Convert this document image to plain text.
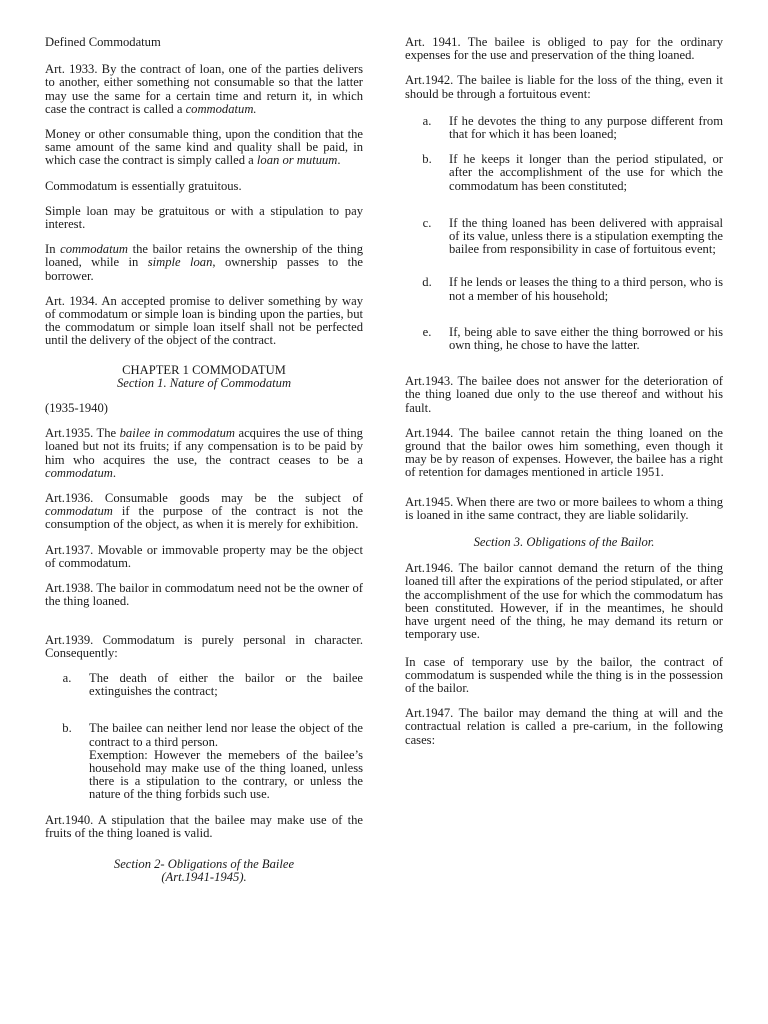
Defined Commodatum

Art. 1933. By the contract of loan, one of the parties delivers to another, either something not consumable so that the latter may use the same for a certain time and return it, in which case the contract is called a commodatum.

Money or other consumable thing, upon the condition that the same amount of the same kind and quality shall be paid, in which case the contract is simply called a loan or mutuum.

Commodatum is essentially gratuitous.

Simple loan may be gratuitous or with a stipulation to pay interest.

In commodatum the bailor retains the ownership of the thing loaned, while in simple loan, ownership passes to the borrower.

Art. 1934. An accepted promise to deliver something by way of commodatum or simple loan is binding upon the parties, but the commodatum or simple loan itself shall not be perfected until the delivery of the object of the contract.

CHAPTER 1 COMMODATUM
Section 1. Nature of Commodatum

(1935-1940)

Art.1935. The bailee in commodatum acquires the use of thing loaned but not its fruits; if any compensation is to be paid by him who acquires the use, the contract ceases to be a commodatum.

Art.1936. Consumable goods may be the subject of commodatum if the purpose of the contract is not the consumption of the object, as when it is merely for exhibition.

Art.1937. Movable or immovable property may be the object of commodatum.

Art.1938. The bailor in commodatum need not be the owner of the thing loaned.

Art.1939. Commodatum is purely personal in character. Consequently:

a.	The death of either the bailor or the bailee extinguishes the contract;
b.	The bailee can neither lend nor lease the object of the contract to a third person.
Exemption: However the memebers of the bailee’s household may make use of the thing loaned, unless there is a stipulation to the contrary, or unless the nature of the thing forbids such use.

Art.1940. A stipulation that the bailee may make use of the fruits of the thing loaned is valid.

Section 2- Obligations of the Bailee
(Art.1941-1945).

Art. 1941. The bailee is obliged to pay for the ordinary expenses for the use and preservation of the thing loaned.

Art.1942. The bailee is liable for the loss of the thing, even it should be through a fortuitous event:

a.	If he devotes the thing to any purpose different from that for which it has been loaned;
b.	If he keeps it longer than the period stipulated, or after the accomplishment of the use for which the commodatum has been constituted;
c.	If the thing loaned has been delivered with appraisal of its value, unless there is a stipulation exempting the bailee from responsibility in case of fortuitous event;
d.	If he lends or leases the thing to a third person, who is not a member of his household;
e.	If, being able to save either the thing borrowed or his own thing, he chose to have the latter.

Art.1943. The bailee does not answer for the deterioration of the thing loaned due only to the use thereof and without his fault.

Art.1944. The bailee cannot retain the thing loaned on the ground that the bailor owes him something, even though it may be by reason of expenses. However, the bailee has a right of retention for damages mentioned in article 1951.

Art.1945. When there are two or more bailees to whom a thing is loaned in ithe same contract, they are liable solidarily.

Section 3. Obligations of the Bailor.

Art.1946. The bailor cannot demand the return of the thing loaned till after the expirations of the period stipulated, or after the accomplishment of the use for which the commodatum has been constituted. However, if in the meantimes, he should have urgent need of the thing, he may demand its return or temporary use.

In case of temporary use by the bailor, the contract of commodatum is suspended while the thing is in the possession of the bailor.

Art.1947. The bailor may demand the thing at will and the contractual relation is called a pre-carium, in the following cases:
